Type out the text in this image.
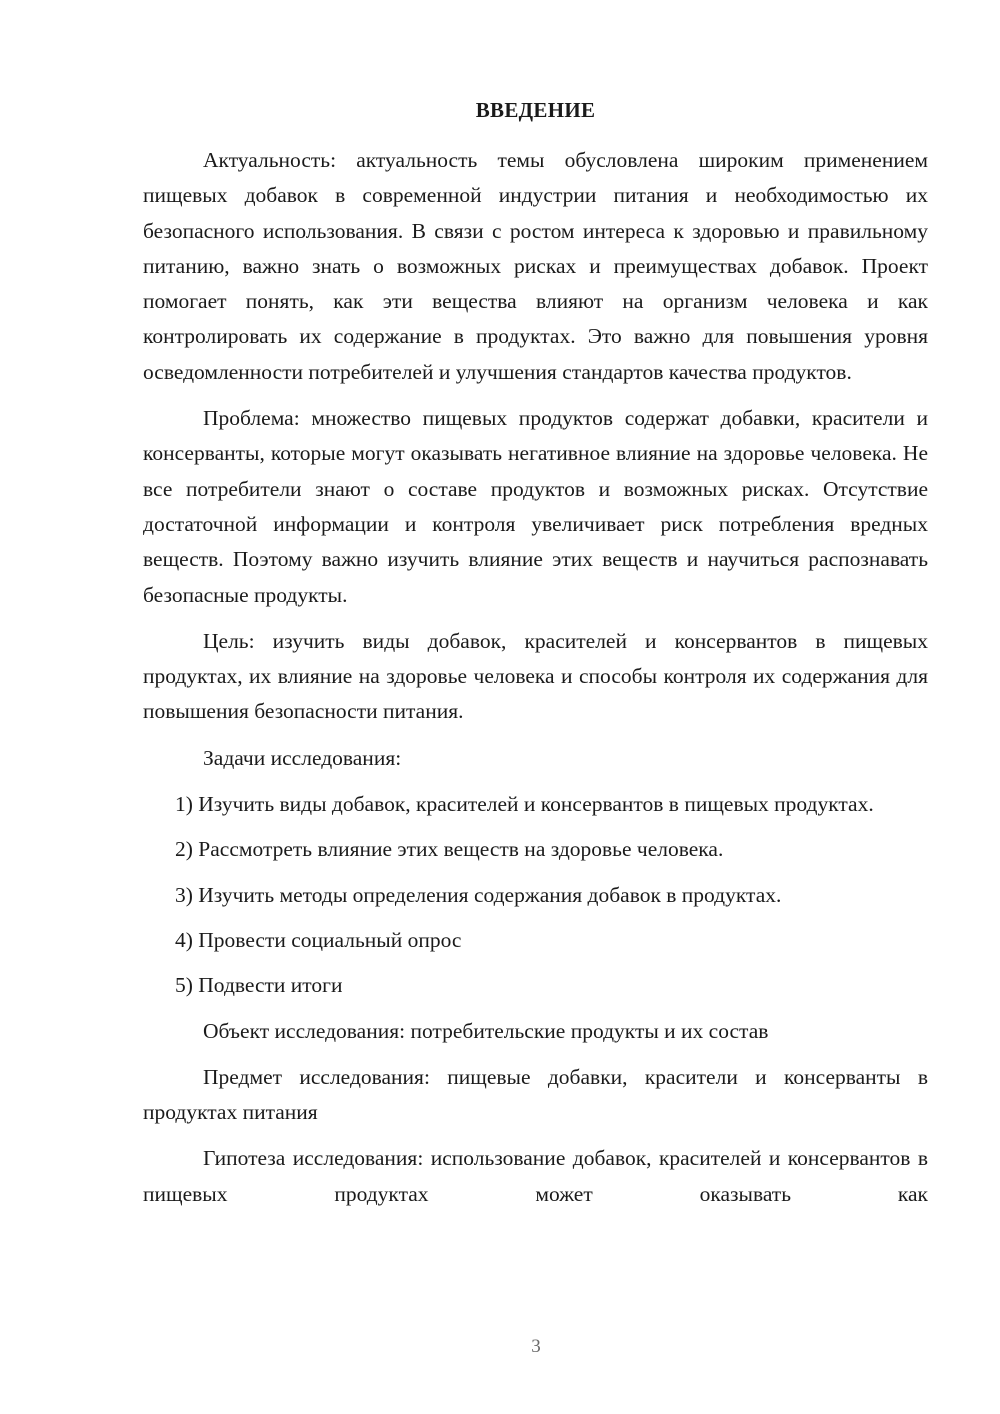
ВВЕДЕНИЕ

Актуальность: актуальность темы обусловлена широким применением пищевых добавок в современной индустрии питания и необходимостью их безопасного использования. В связи с ростом интереса к здоровью и правильному питанию, важно знать о возможных рисках и преимуществах добавок. Проект помогает понять, как эти вещества влияют на организм человека и как контролировать их содержание в продуктах. Это важно для повышения уровня осведомленности потребителей и улучшения стандартов качества продуктов.

Проблема: множество пищевых продуктов содержат добавки, красители и консерванты, которые могут оказывать негативное влияние на здоровье человека. Не все потребители знают о составе продуктов и возможных рисках. Отсутствие достаточной информации и контроля увеличивает риск потребления вредных веществ. Поэтому важно изучить влияние этих веществ и научиться распознавать безопасные продукты.

Цель: изучить виды добавок, красителей и консервантов в пищевых продуктах, их влияние на здоровье человека и способы контроля их содержания для повышения безопасности питания.

Задачи исследования:

1) Изучить виды добавок, красителей и консервантов в пищевых продуктах.

2) Рассмотреть влияние этих веществ на здоровье человека.

3) Изучить методы определения содержания добавок в продуктах.

4) Провести социальный опрос

5) Подвести итоги

Объект исследования: потребительские продукты и их состав

Предмет исследования: пищевые добавки, красители и консерванты в продуктах питания

Гипотеза исследования: использование добавок, красителей и консервантов в пищевых продуктах может оказывать как

3
